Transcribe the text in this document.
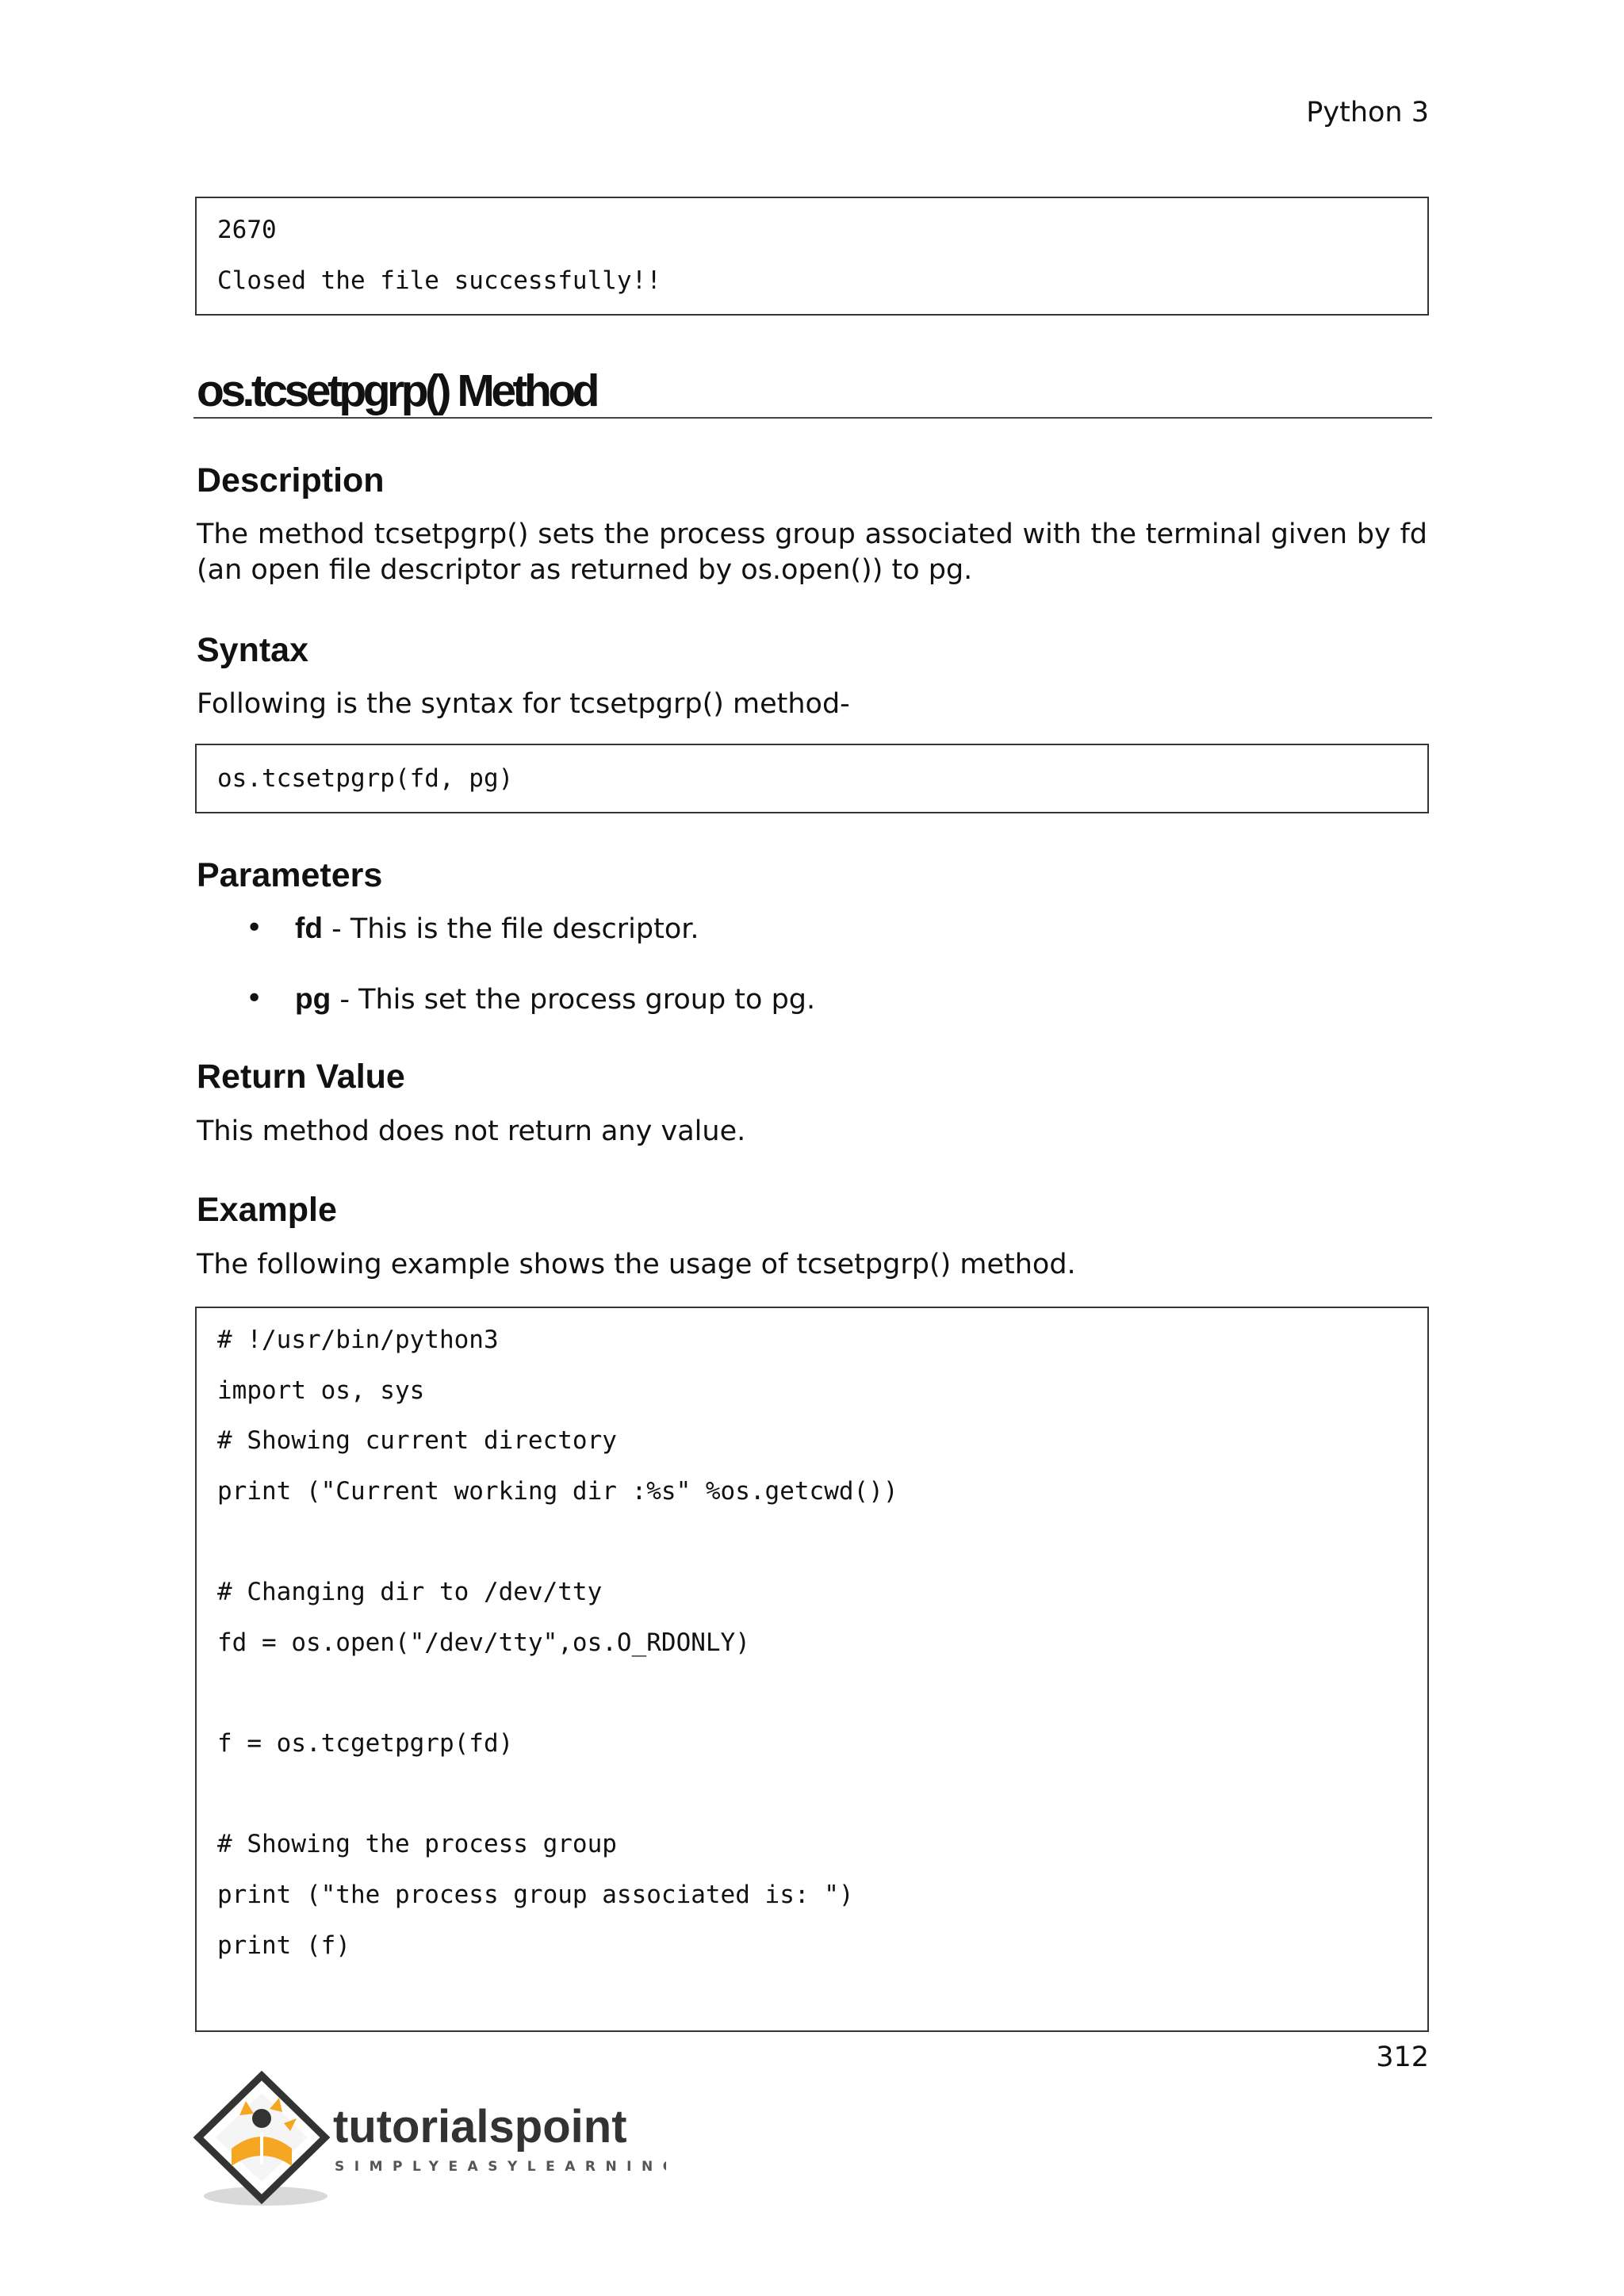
Python 3
2670
Closed the file successfully!!
os.tcsetpgrp() Method
Description
The method tcsetpgrp() sets the process group associated with the terminal given by fd (an open file descriptor as returned by os.open()) to pg.
Syntax
Following is the syntax for tcsetpgrp() method-
os.tcsetpgrp(fd, pg)
Parameters
• fd - This is the file descriptor.
• pg - This set the process group to pg.
Return Value
This method does not return any value.
Example
The following example shows the usage of tcsetpgrp() method.
# !/usr/bin/python3
import os, sys
# Showing current directory
print ("Current working dir :%s" %os.getcwd())
# Changing dir to /dev/tty
fd = os.open("/dev/tty",os.O_RDONLY)
f = os.tcgetpgrp(fd)
# Showing the process group
print ("the process group associated is: ")
print (f)
312
tutorialspoint
SIMPLYEASYLEARNING
